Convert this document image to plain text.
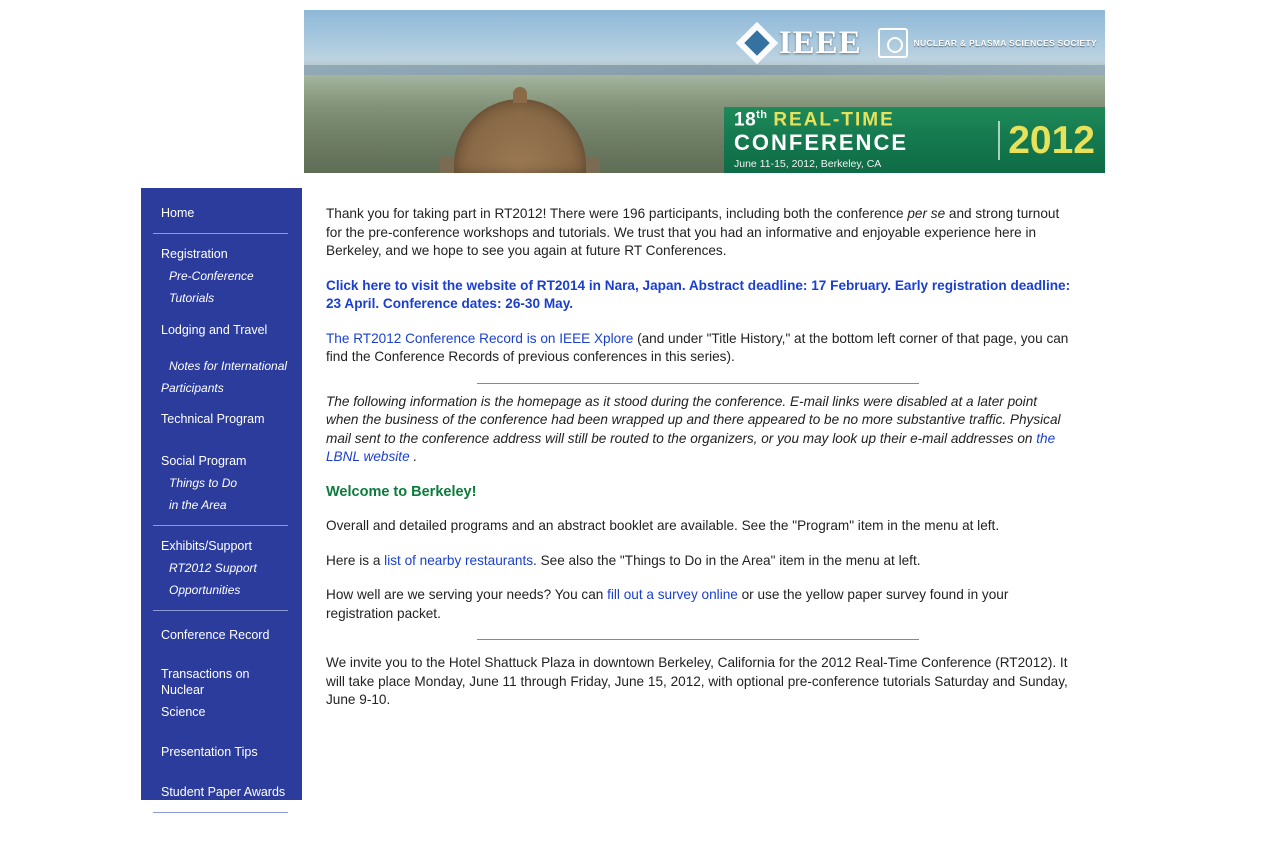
IEEE	NUCLEAR & PLASMA SCIENCES SOCIETY
18th REAL-TIME
CONFERENCE
June 11-15, 2012, Berkeley, CA
2012
Home
Registration
Pre-Conference
Tutorials
Lodging and Travel
Notes for International
Participants
Technical Program
Social Program
Things to Do
in the Area
Exhibits/Support
RT2012 Support
Opportunities
Conference Record
Transactions on Nuclear
Science
Presentation Tips
Student Paper Awards
Key Dates

Thank you for taking part in RT2012! There were 196 participants, including both the conference per se and strong turnout for the pre-conference workshops and tutorials. We trust that you had an informative and enjoyable experience here in Berkeley, and we hope to see you again at future RT Conferences.

Click here to visit the website of RT2014 in Nara, Japan. Abstract deadline: 17 February. Early registration deadline: 23 April. Conference dates: 26-30 May.

The RT2012 Conference Record is on IEEE Xplore (and under "Title History," at the bottom left corner of that page, you can find the Conference Records of previous conferences in this series).

The following information is the homepage as it stood during the conference. E-mail links were disabled at a later point when the business of the conference had been wrapped up and there appeared to be no more substantive traffic. Physical mail sent to the conference address will still be routed to the organizers, or you may look up their e-mail addresses on the LBNL website .

Welcome to Berkeley!

Overall and detailed programs and an abstract booklet are available. See the "Program" item in the menu at left.

Here is a list of nearby restaurants. See also the "Things to Do in the Area" item in the menu at left.

How well are we serving your needs? You can fill out a survey online or use the yellow paper survey found in your registration packet.

We invite you to the Hotel Shattuck Plaza in downtown Berkeley, California for the 2012 Real-Time Conference (RT2012). It will take place Monday, June 11 through Friday, June 15, 2012, with optional pre-conference tutorials Saturday and Sunday, June 9-10.
